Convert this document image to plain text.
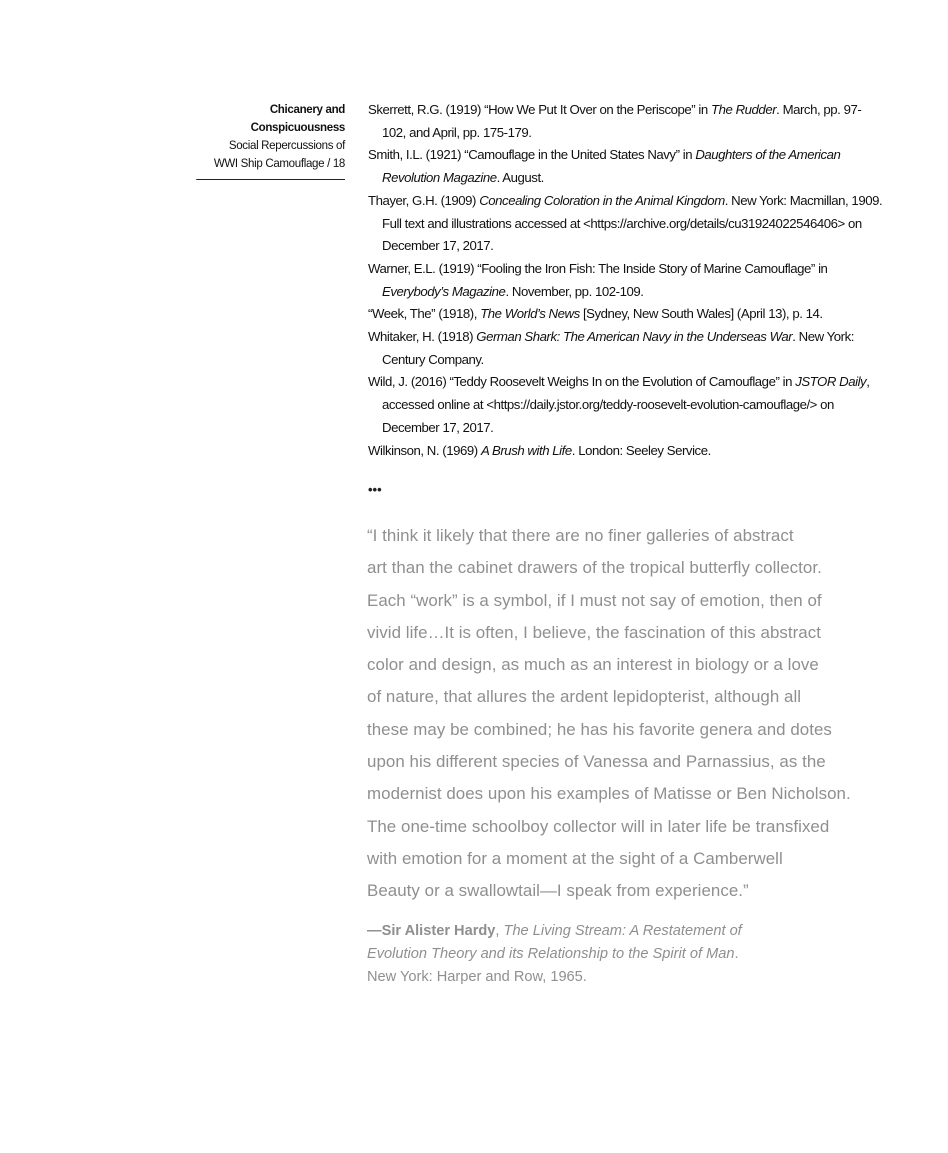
Chicanery and
Conspicuousness
Social Repercussions of
WWI Ship Camouflage / 18
Skerrett, R.G. (1919) “How We Put It Over on the Periscope” in The Rudder. March, pp. 97-102, and April, pp. 175-179.
Smith, I.L. (1921) “Camouflage in the United States Navy” in Daughters of the American Revolution Magazine. August.
Thayer, G.H. (1909) Concealing Coloration in the Animal Kingdom. New York: Macmillan, 1909. Full text and illustrations accessed at <https://archive.org/details/cu31924022546406> on December 17, 2017.
Warner, E.L. (1919) “Fooling the Iron Fish: The Inside Story of Marine Camouflage” in Everybody’s Magazine. November, pp. 102-109.
“Week, The” (1918), The World’s News [Sydney, New South Wales] (April 13), p. 14.
Whitaker, H. (1918) German Shark: The American Navy in the Underseas War. New York: Century Company.
Wild, J. (2016) “Teddy Roosevelt Weighs In on the Evolution of Camouflage” in JSTOR Daily, accessed online at <https://daily.jstor.org/teddy-roosevelt-evolution-camouflage/> on December 17, 2017.
Wilkinson, N. (1969) A Brush with Life. London: Seeley Service.
•••
“I think it likely that there are no finer galleries of abstract
art than the cabinet drawers of the tropical butterfly collector.
Each “work” is a symbol, if I must not say of emotion, then of
vivid life…It is often, I believe, the fascination of this abstract
color and design, as much as an interest in biology or a love
of nature, that allures the ardent lepidopterist, although all
these may be combined; he has his favorite genera and dotes
upon his different species of Vanessa and Parnassius, as the
modernist does upon his examples of Matisse or Ben Nicholson.
The one-time schoolboy collector will in later life be transfixed
with emotion for a moment at the sight of a Camberwell
Beauty or a swallowtail—I speak from experience.”
—Sir Alister Hardy, The Living Stream: A Restatement of
Evolution Theory and its Relationship to the Spirit of Man.
New York: Harper and Row, 1965.
